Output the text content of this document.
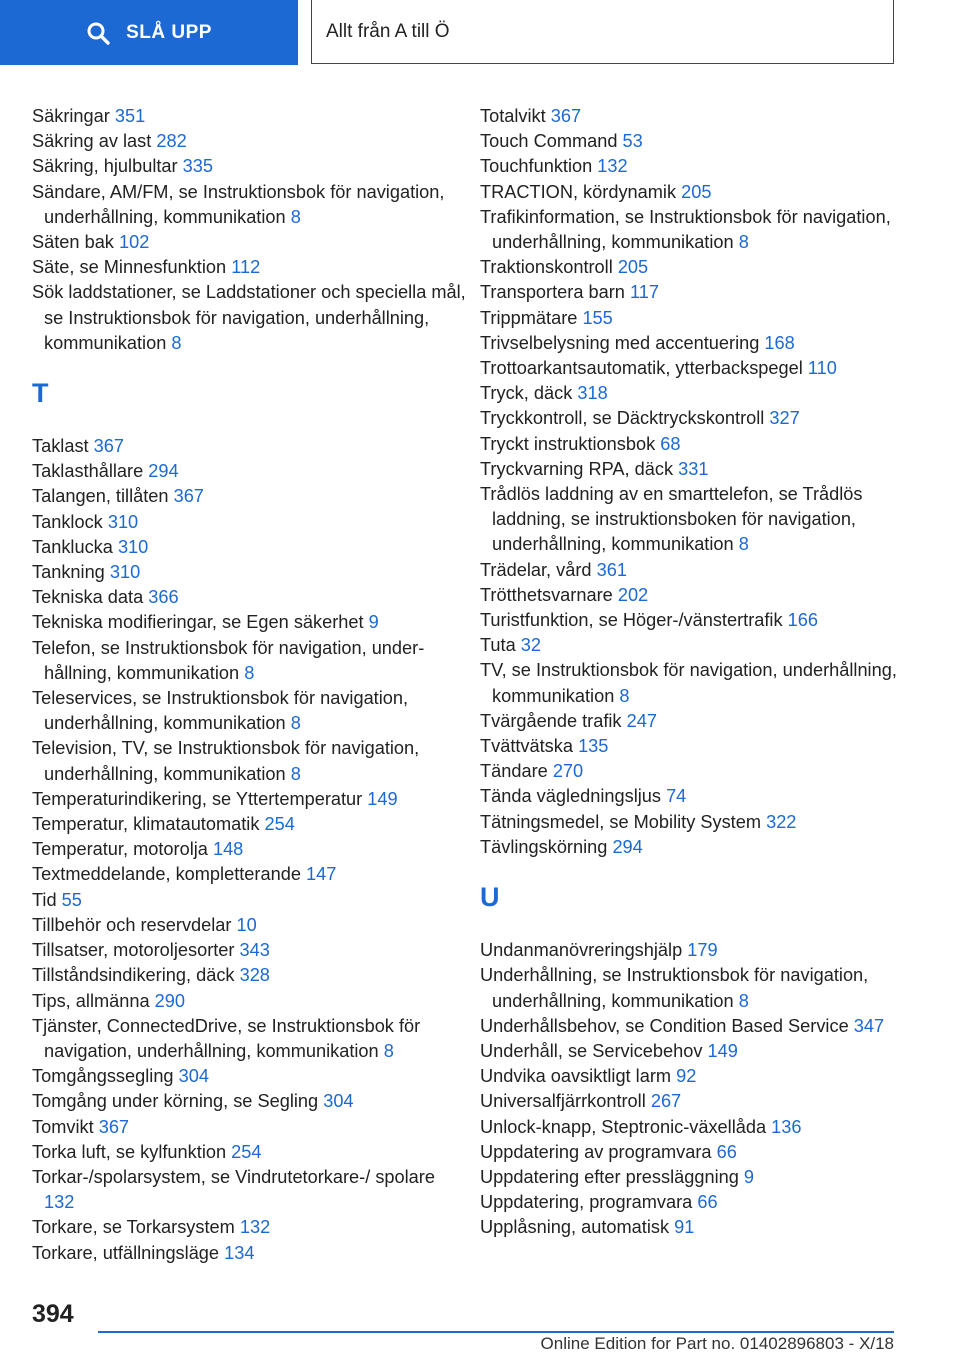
SLÅ UPP	Allt från A till Ö
Säkringar 351
Säkring av last 282
Säkring, hjulbultar 335
Sändare, AM/FM, se Instruktionsbok för navigation, underhållning, kommunikation 8
Säten bak 102
Säte, se Minnesfunktion 112
Sök laddstationer, se Laddstationer och speciella mål, se Instruktionsbok för navigation, underhållning, kommunikation 8
T
Taklast 367
Taklasthållare 294
Talangen, tillåten 367
Tanklock 310
Tanklucka 310
Tankning 310
Tekniska data 366
Tekniska modifieringar, se Egen säkerhet 9
Telefon, se Instruktionsbok för navigation, underhållning, kommunikation 8
Teleservices, se Instruktionsbok för navigation, underhållning, kommunikation 8
Television, TV, se Instruktionsbok för navigation, underhållning, kommunikation 8
Temperaturindikering, se Yttertemperatur 149
Temperatur, klimatautomatik 254
Temperatur, motorolja 148
Textmeddelande, kompletterande 147
Tid 55
Tillbehör och reservdelar 10
Tillsatser, motoroljesorter 343
Tillståndsindikering, däck 328
Tips, allmänna 290
Tjänster, ConnectedDrive, se Instruktionsbok för navigation, underhållning, kommunikation 8
Tomgångssegling 304
Tomgång under körning, se Segling 304
Tomvikt 367
Torka luft, se kylfunktion 254
Torkar-/spolarsystem, se Vindrutetorkare-/ spolare 132
Torkare, se Torkarsystem 132
Torkare, utfällningsläge 134
Totalvikt 367
Touch Command 53
Touchfunktion 132
TRACTION, kördynamik 205
Trafikinformation, se Instruktionsbok för navigation, underhållning, kommunikation 8
Traktionskontroll 205
Transportera barn 117
Trippmätare 155
Trivselbelysning med accentuering 168
Trottoarkantsautomatik, ytterbackspegel 110
Tryck, däck 318
Tryckkontroll, se Däcktryckskontroll 327
Tryckt instruktionsbok 68
Tryckvarning RPA, däck 331
Trådlös laddning av en smarttelefon, se Trådlös laddning, se instruktionsboken för navigation, underhållning, kommunikation 8
Trädelar, vård 361
Trötthetsvarnare 202
Turistfunktion, se Höger-/vänstertrafik 166
Tuta 32
TV, se Instruktionsbok för navigation, underhållning, kommunikation 8
Tvärgående trafik 247
Tvättvätska 135
Tändare 270
Tända vägledningsljus 74
Tätningsmedel, se Mobility System 322
Tävlingskörning 294
U
Undanmanövreringshjälp 179
Underhållning, se Instruktionsbok för navigation, underhållning, kommunikation 8
Underhållsbehov, se Condition Based Service 347
Underhåll, se Servicebehov 149
Undvika oavsiktligt larm 92
Universalfjärrkontroll 267
Unlock-knapp, Steptronic-växellåda 136
Uppdatering av programvara 66
Uppdatering efter pressläggning 9
Uppdatering, programvara 66
Upplåsning, automatisk 91
394
Online Edition for Part no. 01402896803 - X/18
